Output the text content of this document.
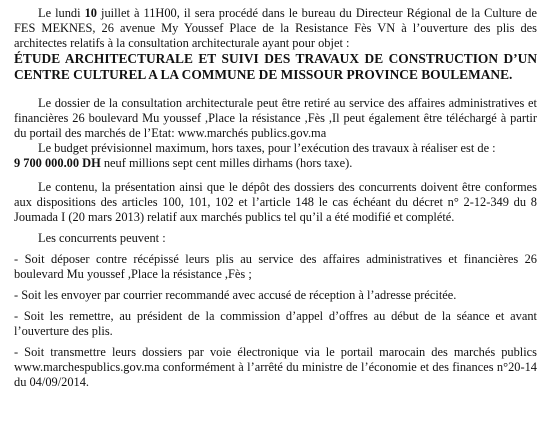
Le lundi 10 juillet à 11H00, il sera procédé dans le bureau du Directeur Régional de la Culture de FES MEKNES, 26 avenue My Youssef Place de la Resistance Fès VN à l’ouverture des plis des architectes relatifs à la consultation architecturale ayant pour objet :

ÉTUDE ARCHITECTURALE ET SUIVI DES TRAVAUX DE CONSTRUCTION D’UN CENTRE CULTUREL A LA COMMUNE DE MISSOUR PROVINCE BOULEMANE.

Le dossier de la consultation architecturale peut être retiré au service des affaires administratives et financières 26 boulevard Mu youssef ,Place la résistance ,Fès ,Il peut également être téléchargé à partir du portail des marchés de l’Etat: www.marchés publics.gov.ma

Le budget prévisionnel maximum, hors taxes, pour l’exécution des travaux à réaliser est de :
9 700 000.00 DH neuf millions sept cent milles dirhams (hors taxe).

Le contenu, la présentation ainsi que le dépôt des dossiers des concurrents doivent être conformes aux dispositions des articles 100, 101, 102 et l’article 148 le cas échéant du décret n° 2-12-349 du 8 Joumada I (20 mars 2013) relatif aux marchés publics tel qu’il a été modifié et complété.

Les concurrents peuvent :

- Soit déposer contre récépissé leurs plis au service des affaires administratives et financières 26 boulevard Mu youssef ,Place la résistance ,Fès ;

- Soit les envoyer par courrier recommandé avec accusé de réception à l’adresse précitée.

- Soit les remettre, au président de la commission d’appel d’offres au début de la séance et avant l’ouverture des plis.

- Soit transmettre leurs dossiers par voie électronique via le portail marocain des marchés publics www.marchespublics.gov.ma conformément à l’arrêté du ministre de l’économie et des finances n°20-14 du 04/09/2014.
